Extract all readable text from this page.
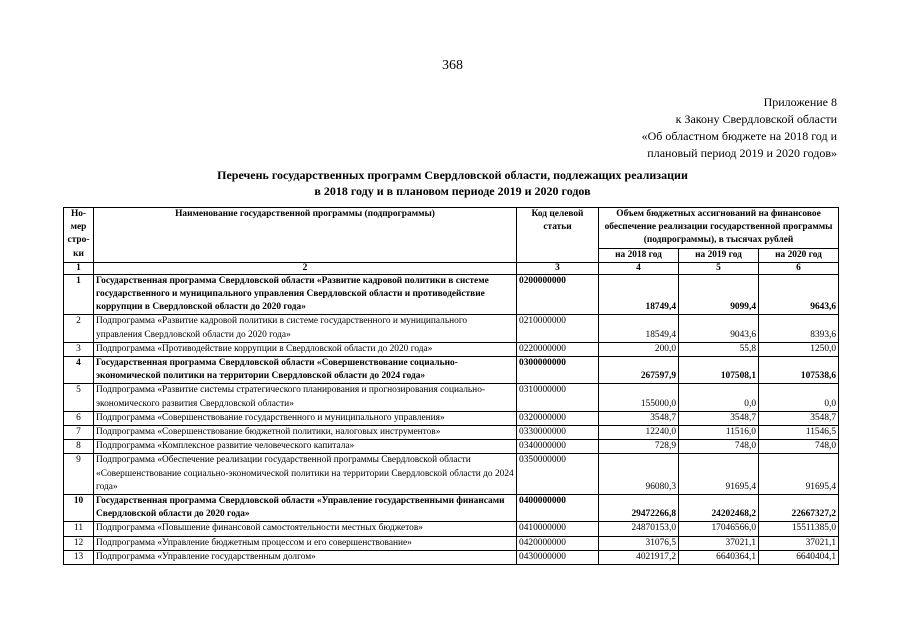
368
Приложение 8
к Закону Свердловской области
«Об областном бюджете на 2018 год и
плановый период 2019 и 2020 годов»
Перечень государственных программ Свердловской области, подлежащих реализации
в 2018 году и в плановом периоде 2019 и 2020 годов
Но-мер стро-ки	Наименование государственной программы (подпрограммы)	Код целевой статьи	Объем бюджетных ассигнований на финансовое обеспечение реализации государственной программы (подпрограммы), в тысячах рублей		
			на 2018 год	на 2019 год	на 2020 год
1	2	3	4	5	6
1	Государственная программа Свердловской области «Развитие кадровой политики в системе государственного и муниципального управления Свердловской области и противодействие коррупции в Свердловской области до 2020 года»	0200000000	18749,4	9099,4	9643,6
2	Подпрограмма «Развитие кадровой политики в системе государственного и муниципального управления Свердловской области до 2020 года»	0210000000	18549,4	9043,6	8393,6
3	Подпрограмма «Противодействие коррупции в Свердловской области до 2020 года»	0220000000	200,0	55,8	1250,0
4	Государственная программа Свердловской области «Совершенствование социально-экономической политики на территории Свердловской области до 2024 года»	0300000000	267597,9	107508,1	107538,6
5	Подпрограмма «Развитие системы стратегического планирования и прогнозирования социально-экономического развития Свердловской области»	0310000000	155000,0	0,0	0,0
6	Подпрограмма «Совершенствование государственного и муниципального управления»	0320000000	3548,7	3548,7	3548,7
7	Подпрограмма «Совершенствование бюджетной политики, налоговых инструментов»	0330000000	12240,0	11516,0	11546,5
8	Подпрограмма «Комплексное развитие человеческого капитала»	0340000000	728,9	748,0	748,0
9	Подпрограмма «Обеспечение реализации государственной программы Свердловской области «Совершенствование социально-экономической политики на территории Свердловской области до 2024 года»	0350000000	96080,3	91695,4	91695,4
10	Государственная программа Свердловской области «Управление государственными финансами Свердловской области до 2020 года»	0400000000	29472266,8	24202468,2	22667327,2
11	Подпрограмма «Повышение финансовой самостоятельности местных бюджетов»	0410000000	24870153,0	17046566,0	15511385,0
12	Подпрограмма «Управление бюджетным процессом и его совершенствование»	0420000000	31076,5	37021,1	37021,1
13	Подпрограмма «Управление государственным долгом»	0430000000	4021917,2	6640364,1	6640404,1
